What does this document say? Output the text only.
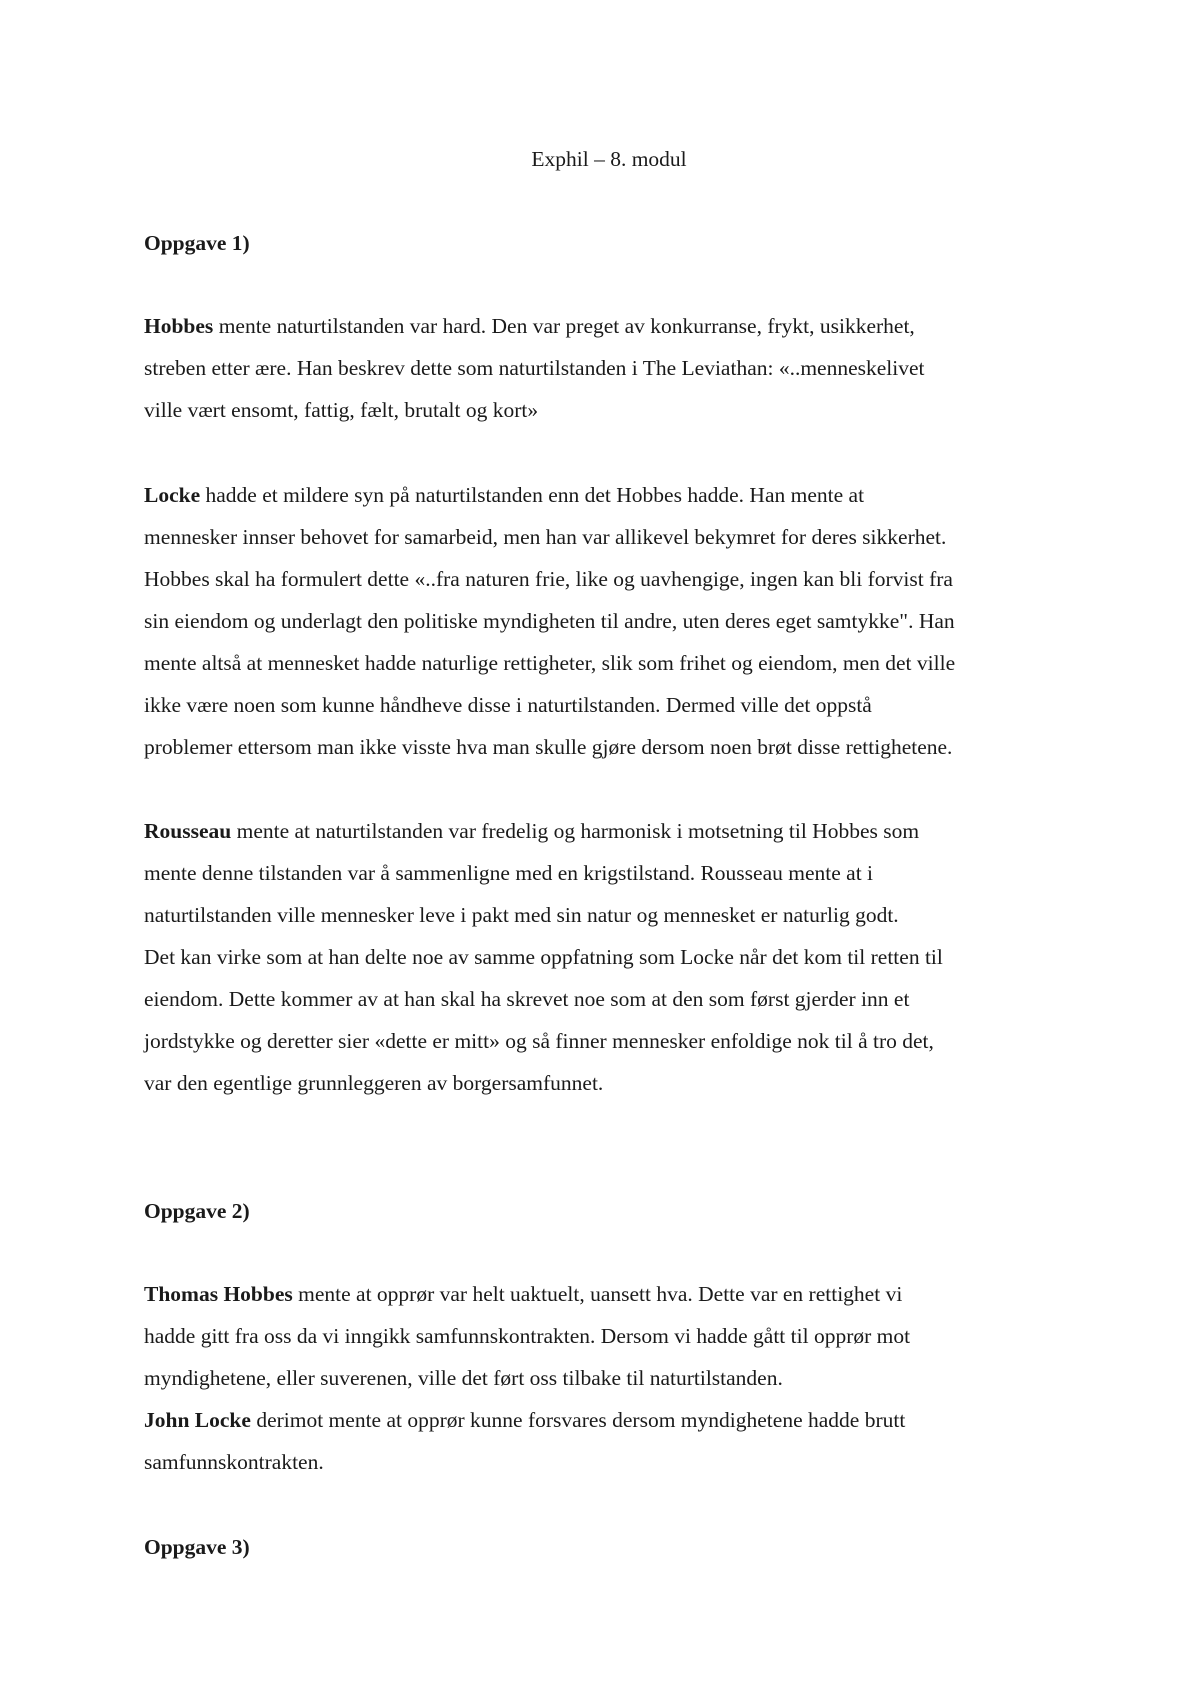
Exphil – 8. modul
Oppgave 1)
Hobbes mente naturtilstanden var hard. Den var preget av konkurranse, frykt, usikkerhet,
streben etter ære. Han beskrev dette som naturtilstanden i The Leviathan: «..menneskelivet
ville vært ensomt, fattig, fælt, brutalt og kort»
Locke hadde et mildere syn på naturtilstanden enn det Hobbes hadde. Han mente at
mennesker innser behovet for samarbeid, men han var allikevel bekymret for deres sikkerhet.
Hobbes skal ha formulert dette «..fra naturen frie, like og uavhengige, ingen kan bli forvist fra
sin eiendom og underlagt den politiske myndigheten til andre, uten deres eget samtykke". Han
mente altså at mennesket hadde naturlige rettigheter, slik som frihet og eiendom, men det ville
ikke være noen som kunne håndheve disse i naturtilstanden. Dermed ville det oppstå
problemer ettersom man ikke visste hva man skulle gjøre dersom noen brøt disse rettighetene.
Rousseau mente at naturtilstanden var fredelig og harmonisk i motsetning til Hobbes som
mente denne tilstanden var å sammenligne med en krigstilstand. Rousseau mente at i
naturtilstanden ville mennesker leve i pakt med sin natur og mennesket er naturlig godt.
Det kan virke som at han delte noe av samme oppfatning som Locke når det kom til retten til
eiendom. Dette kommer av at han skal ha skrevet noe som at den som først gjerder inn et
jordstykke og deretter sier «dette er mitt» og så finner mennesker enfoldige nok til å tro det,
var den egentlige grunnleggeren av borgersamfunnet.
Oppgave 2)
Thomas Hobbes mente at opprør var helt uaktuelt, uansett hva. Dette var en rettighet vi
hadde gitt fra oss da vi inngikk samfunnskontrakten. Dersom vi hadde gått til opprør mot
myndighetene, eller suverenen, ville det ført oss tilbake til naturtilstanden.
John Locke derimot mente at opprør kunne forsvares dersom myndighetene hadde brutt
samfunnskontrakten.
Oppgave 3)
